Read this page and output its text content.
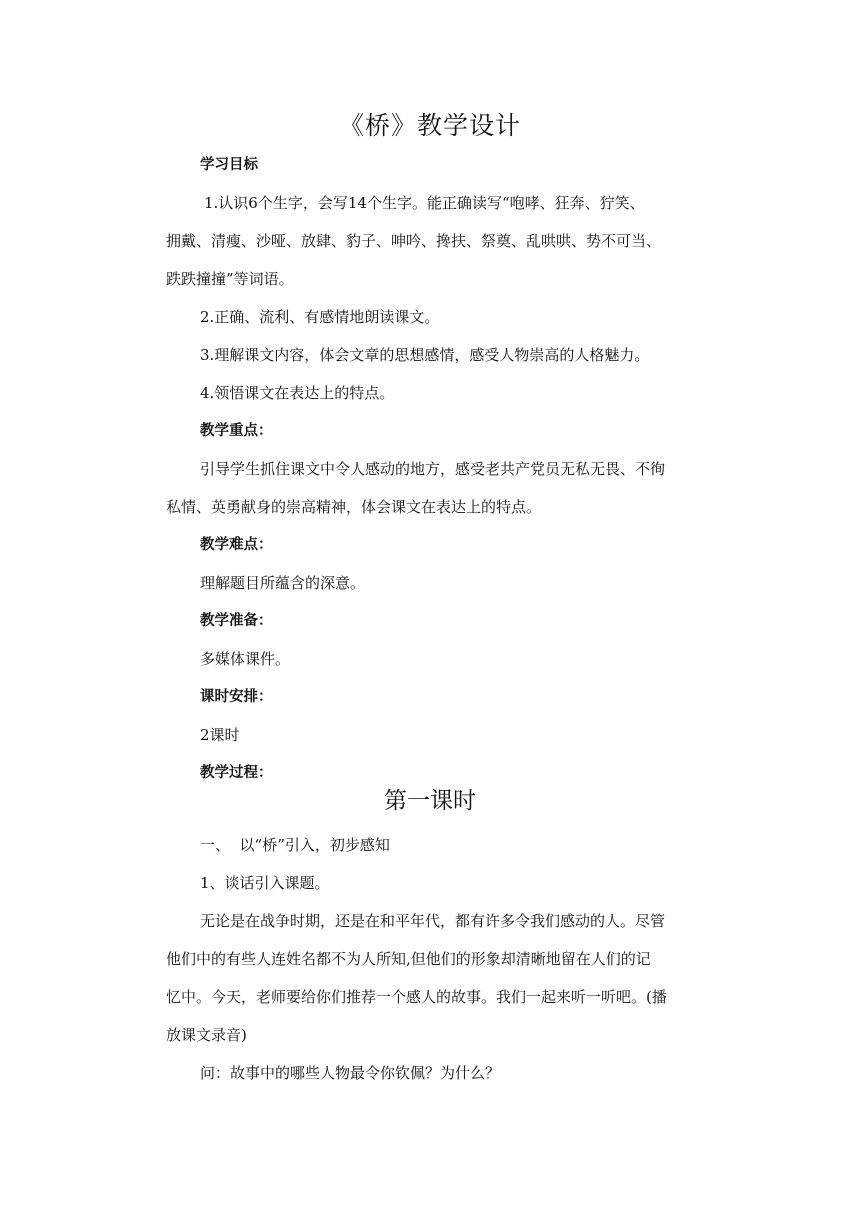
《桥》教学设计
学习目标
1.认识6个生字，会写14个生字。能正确读写“咆哮、狂奔、狞笑、
拥戴、清瘦、沙哑、放肆、豹子、呻吟、搀扶、祭奠、乱哄哄、势不可当、
跌跌撞撞”等词语。
2.正确、流利、有感情地朗读课文。
3.理解课文内容，体会文章的思想感情，感受人物崇高的人格魅力。
4.领悟课文在表达上的特点。
教学重点：
引导学生抓住课文中令人感动的地方，感受老共产党员无私无畏、不徇
私情、英勇献身的崇高精神，体会课文在表达上的特点。
教学难点：
理解题目所蕴含的深意。
教学准备：
多媒体课件。
课时安排：
2课时
教学过程：
第一课时
一、  以“桥”引入，初步感知
1、谈话引入课题。
无论是在战争时期，还是在和平年代，都有许多令我们感动的人。尽管
他们中的有些人连姓名都不为人所知,但他们的形象却清晰地留在人们的记
忆中。今天，老师要给你们推荐一个感人的故事。我们一起来听一听吧。(播
放课文录音)
问：故事中的哪些人物最令你钦佩？为什么？
